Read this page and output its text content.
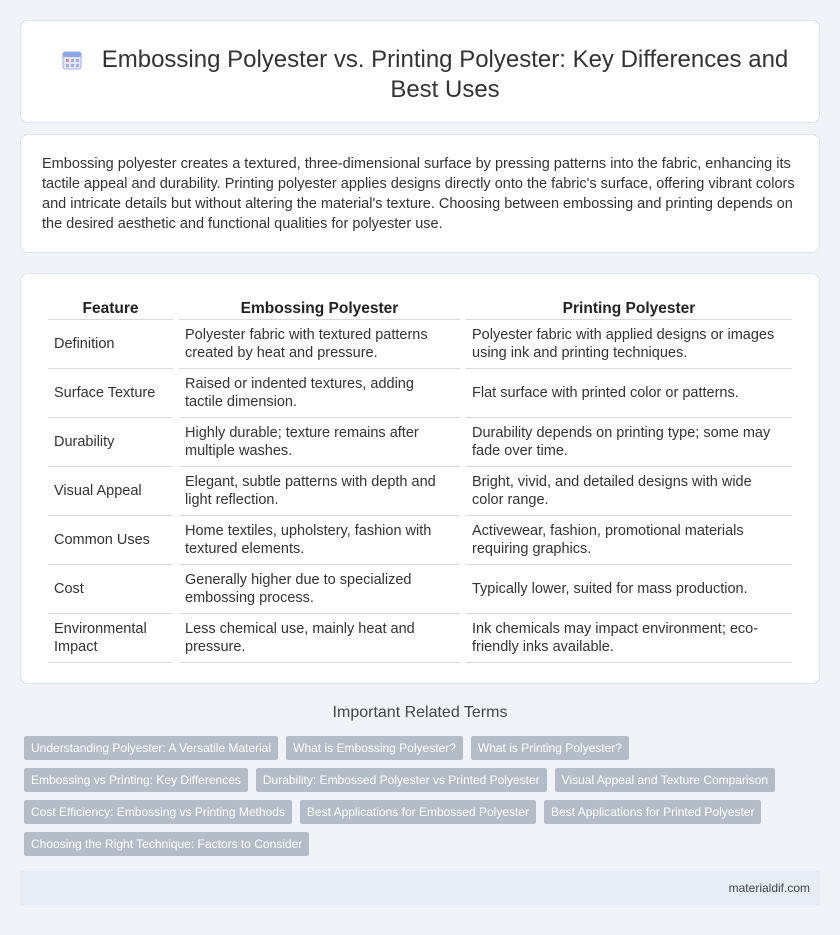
Embossing Polyester vs. Printing Polyester: Key Differences and Best Uses

Embossing polyester creates a textured, three-dimensional surface by pressing patterns into the fabric, enhancing its tactile appeal and durability. Printing polyester applies designs directly onto the fabric's surface, offering vibrant colors and intricate details but without altering the material's texture. Choosing between embossing and printing depends on the desired aesthetic and functional qualities for polyester use.

Feature	Embossing Polyester	Printing Polyester
Definition	Polyester fabric with textured patterns created by heat and pressure.	Polyester fabric with applied designs or images using ink and printing techniques.
Surface Texture	Raised or indented textures, adding tactile dimension.	Flat surface with printed color or patterns.
Durability	Highly durable; texture remains after multiple washes.	Durability depends on printing type; some may fade over time.
Visual Appeal	Elegant, subtle patterns with depth and light reflection.	Bright, vivid, and detailed designs with wide color range.
Common Uses	Home textiles, upholstery, fashion with textured elements.	Activewear, fashion, promotional materials requiring graphics.
Cost	Generally higher due to specialized embossing process.	Typically lower, suited for mass production.
Environmental Impact	Less chemical use, mainly heat and pressure.	Ink chemicals may impact environment; eco-friendly inks available.
Important Related Terms
Understanding Polyester: A Versatile Material	What is Embossing Polyester?	What is Printing Polyester?
Embossing vs Printing: Key Differences	Durability: Embossed Polyester vs Printed Polyester	Visual Appeal and Texture Comparison
Cost Efficiency: Embossing vs Printing Methods	Best Applications for Embossed Polyester	Best Applications for Printed Polyester
Choosing the Right Technique: Factors to Consider
materialdif.com
